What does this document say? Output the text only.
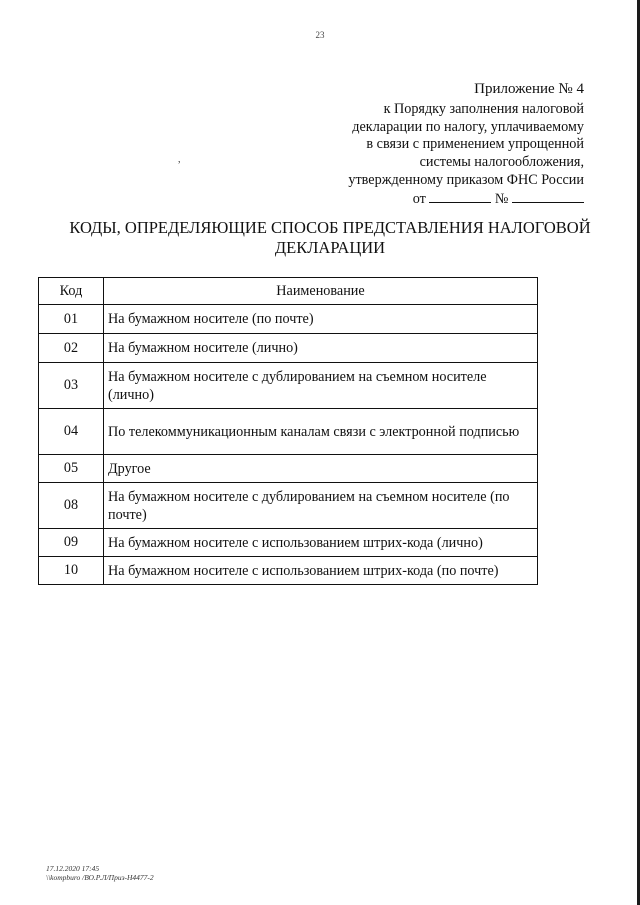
23
Приложение № 4
к Порядку заполнения налоговой
декларации по налогу, уплачиваемому
в связи с применением упрощенной
системы налогообложения,
утвержденному приказом ФНС России
от	№
,
КОДЫ, ОПРЕДЕЛЯЮЩИЕ СПОСОБ ПРЕДСТАВЛЕНИЯ НАЛОГОВОЙ ДЕКЛАРАЦИИ
Код	Наименование
01	На бумажном носителе (по почте)
02	На бумажном носителе (лично)
03	На бумажном носителе с дублированием на съемном носителе (лично)
04	По телекоммуникационным каналам связи с электронной подписью
05	Другое
08	На бумажном носителе с дублированием на съемном носителе (по почте)
09	На бумажном носителе с использованием штрих-кода (лично)
10	На бумажном носителе с использованием штрих-кода (по почте)
17.12.2020 17:45
\\kompburo /ВО.Р.Л/Приз-Н4477-2
